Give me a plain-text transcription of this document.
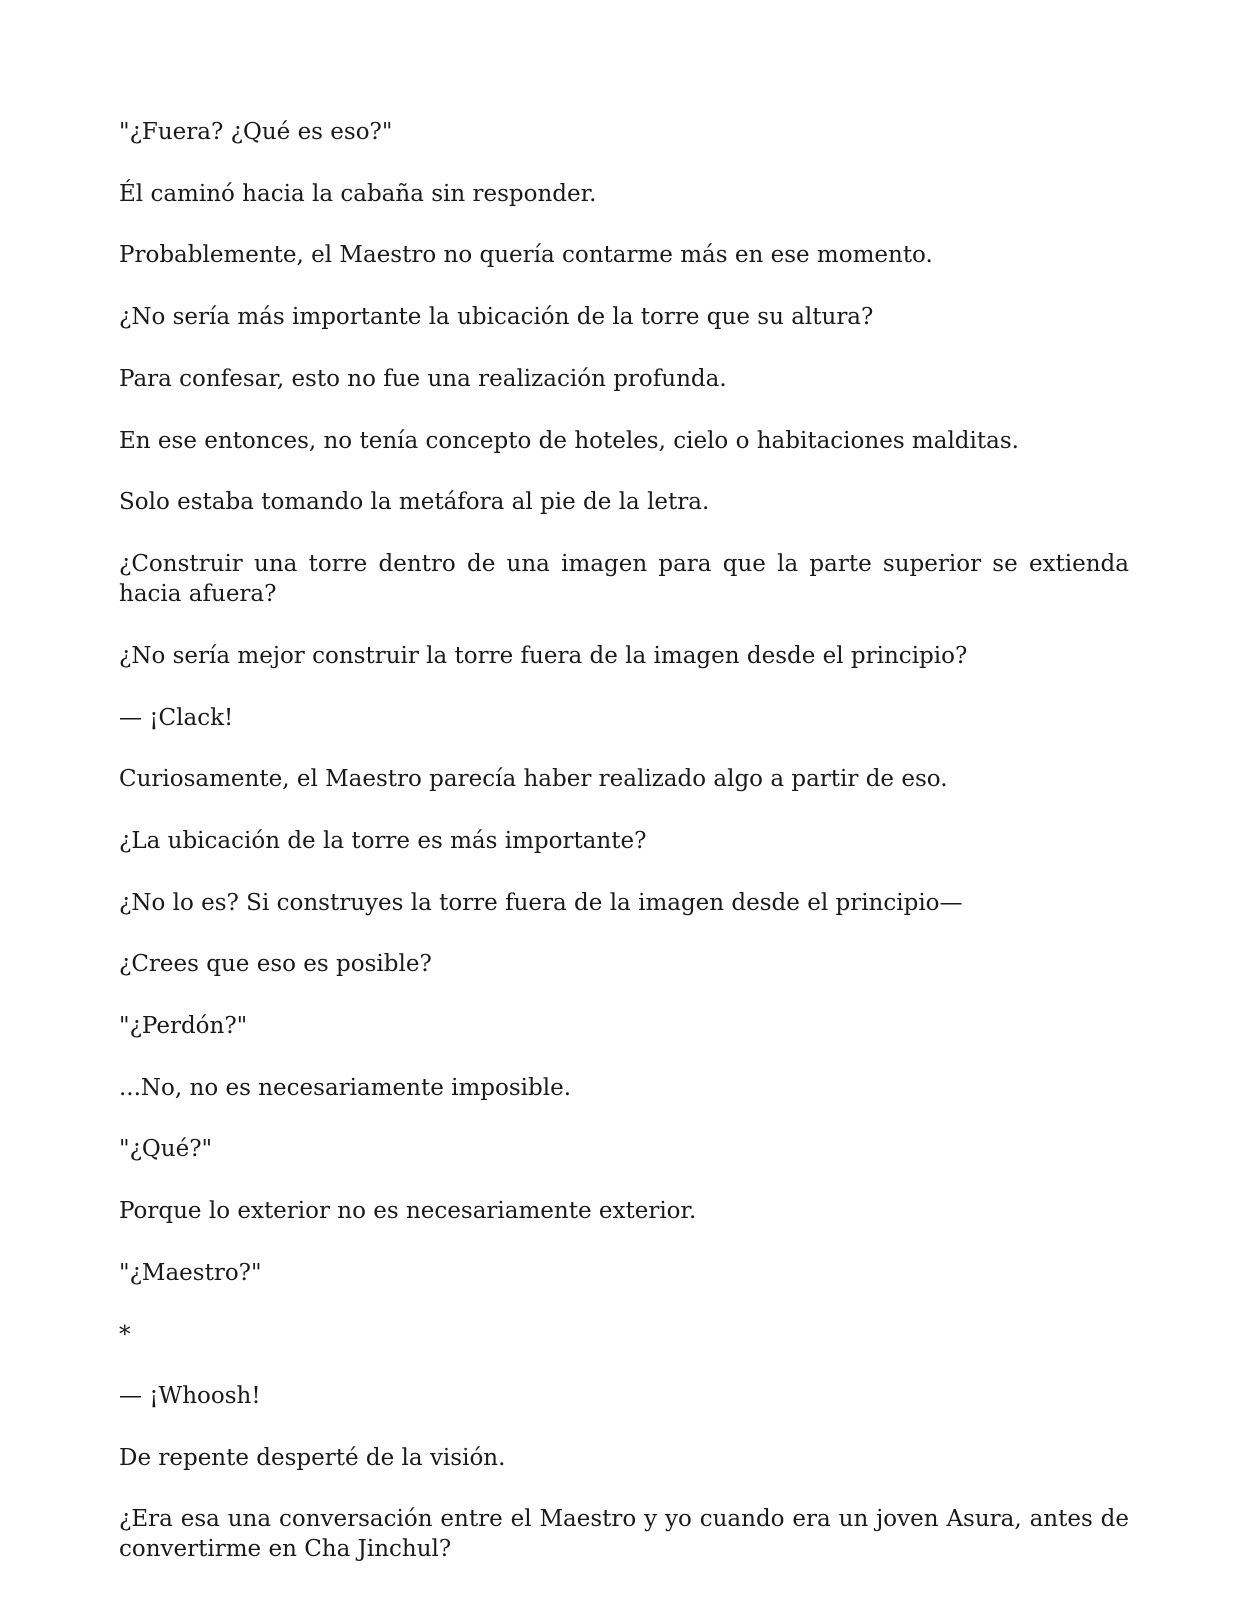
"¿Fuera? ¿Qué es eso?"

Él caminó hacia la cabaña sin responder.

Probablemente, el Maestro no quería contarme más en ese momento.

¿No sería más importante la ubicación de la torre que su altura?

Para confesar, esto no fue una realización profunda.

En ese entonces, no tenía concepto de hoteles, cielo o habitaciones malditas.

Solo estaba tomando la metáfora al pie de la letra.

¿Construir una torre dentro de una imagen para que la parte superior se extienda hacia afuera?

¿No sería mejor construir la torre fuera de la imagen desde el principio?

— ¡Clack!

Curiosamente, el Maestro parecía haber realizado algo a partir de eso.

¿La ubicación de la torre es más importante?

¿No lo es? Si construyes la torre fuera de la imagen desde el principio—

¿Crees que eso es posible?

"¿Perdón?"

...No, no es necesariamente imposible.

"¿Qué?"

Porque lo exterior no es necesariamente exterior.

"¿Maestro?"

*

— ¡Whoosh!

De repente desperté de la visión.

¿Era esa una conversación entre el Maestro y yo cuando era un joven Asura, antes de convertirme en Cha Jinchul?
